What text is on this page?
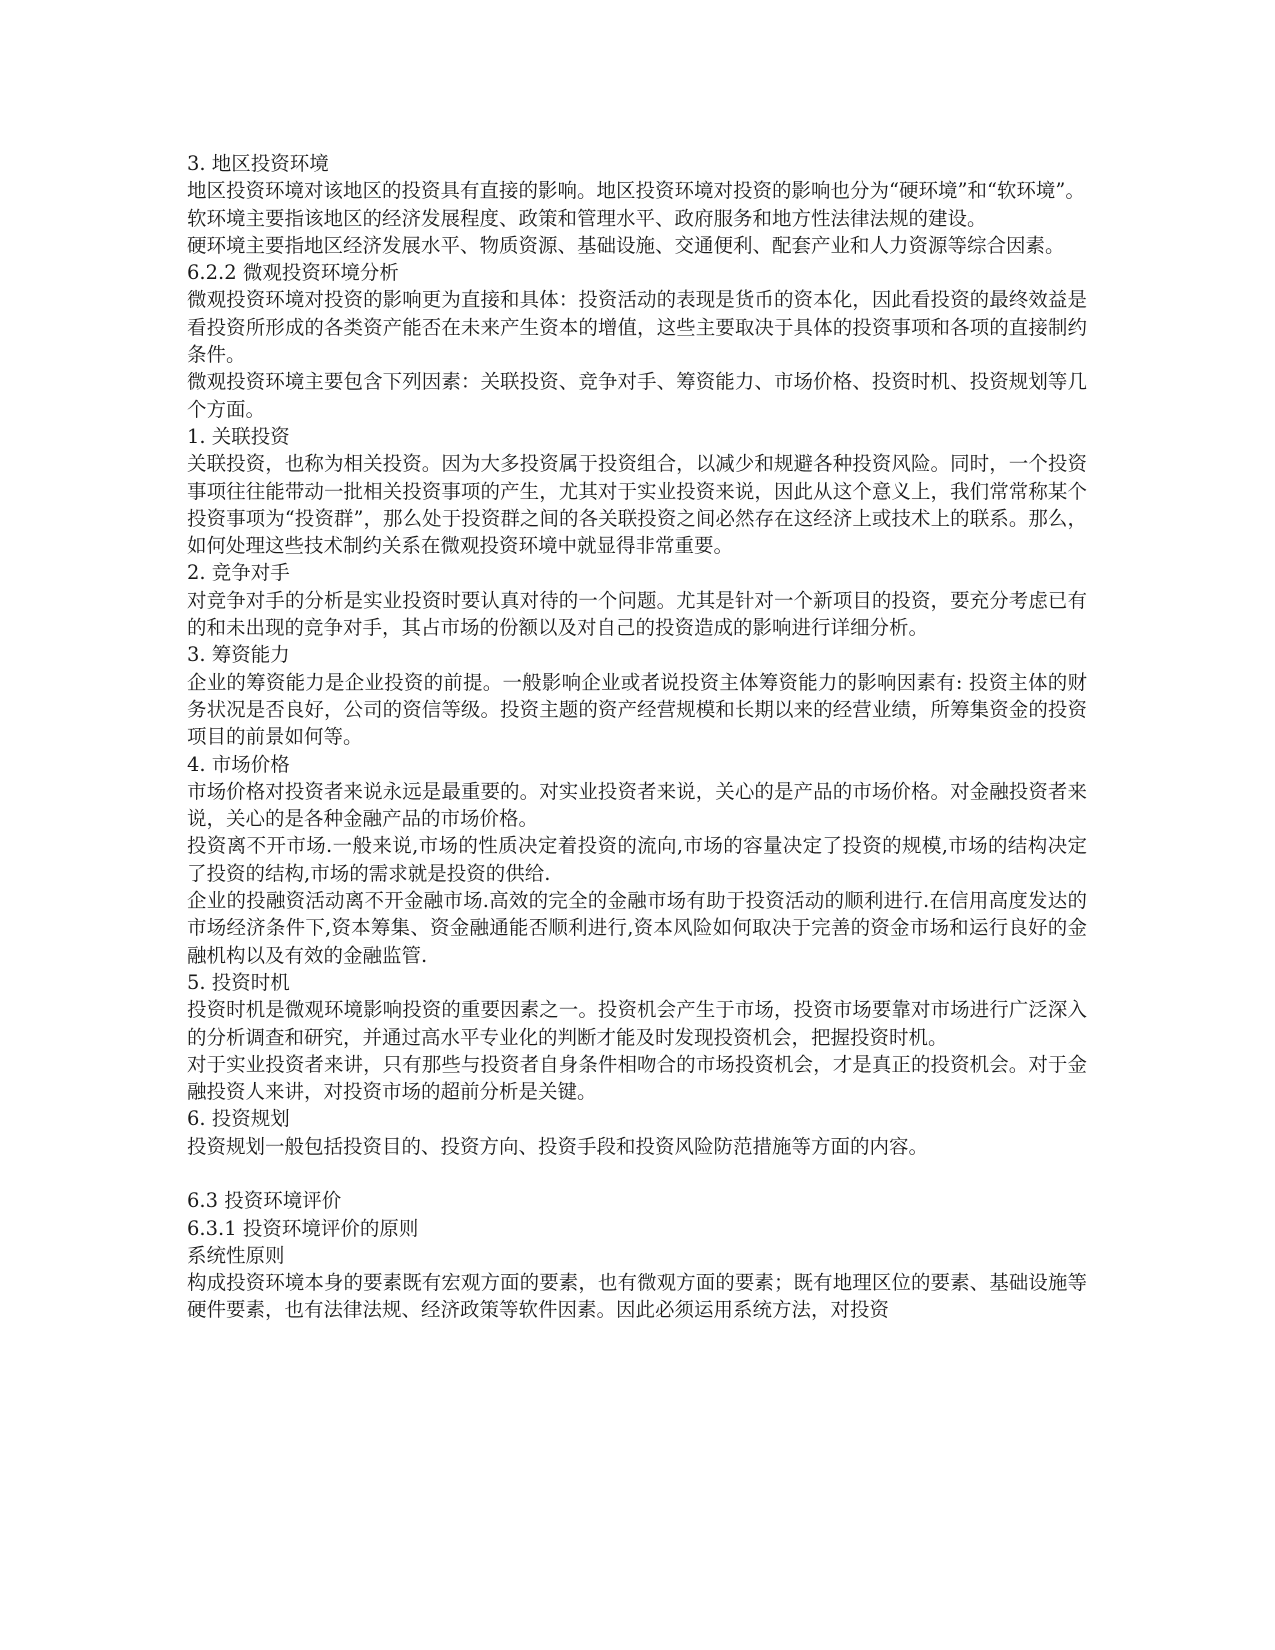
3. 地区投资环境

地区投资环境对该地区的投资具有直接的影响。地区投资环境对投资的影响也分为“硬环境”和“软环境”。

软环境主要指该地区的经济发展程度、政策和管理水平、政府服务和地方性法律法规的建设。

硬环境主要指地区经济发展水平、物质资源、基础设施、交通便利、配套产业和人力资源等综合因素。

6.2.2 微观投资环境分析

微观投资环境对投资的影响更为直接和具体：投资活动的表现是货币的资本化，因此看投资的最终效益是看投资所形成的各类资产能否在未来产生资本的增值，这些主要取决于具体的投资事项和各项的直接制约条件。

微观投资环境主要包含下列因素：关联投资、竞争对手、筹资能力、市场价格、投资时机、投资规划等几个方面。

1. 关联投资

关联投资，也称为相关投资。因为大多投资属于投资组合，以减少和规避各种投资风险。同时，一个投资事项往往能带动一批相关投资事项的产生，尤其对于实业投资来说，因此从这个意义上，我们常常称某个投资事项为“投资群”，那么处于投资群之间的各关联投资之间必然存在这经济上或技术上的联系。那么，如何处理这些技术制约关系在微观投资环境中就显得非常重要。

2. 竞争对手

对竞争对手的分析是实业投资时要认真对待的一个问题。尤其是针对一个新项目的投资，要充分考虑已有的和未出现的竞争对手，其占市场的份额以及对自己的投资造成的影响进行详细分析。

3. 筹资能力

企业的筹资能力是企业投资的前提。一般影响企业或者说投资主体筹资能力的影响因素有: 投资主体的财务状况是否良好，公司的资信等级。投资主题的资产经营规模和长期以来的经营业绩，所筹集资金的投资项目的前景如何等。

4. 市场价格

市场价格对投资者来说永远是最重要的。对实业投资者来说，关心的是产品的市场价格。对金融投资者来说，关心的是各种金融产品的市场价格。

投资离不开市场.一般来说,市场的性质决定着投资的流向,市场的容量决定了投资的规模,市场的结构决定了投资的结构,市场的需求就是投资的供给.

企业的投融资活动离不开金融市场.高效的完全的金融市场有助于投资活动的顺利进行.在信用高度发达的市场经济条件下,资本筹集、资金融通能否顺利进行,资本风险如何取决于完善的资金市场和运行良好的金融机构以及有效的金融监管.

5. 投资时机

投资时机是微观环境影响投资的重要因素之一。投资机会产生于市场，投资市场要靠对市场进行广泛深入的分析调查和研究，并通过高水平专业化的判断才能及时发现投资机会，把握投资时机。

对于实业投资者来讲，只有那些与投资者自身条件相吻合的市场投资机会，才是真正的投资机会。对于金融投资人来讲，对投资市场的超前分析是关键。

6. 投资规划

投资规划一般包括投资目的、投资方向、投资手段和投资风险防范措施等方面的内容。

6.3 投资环境评价
6.3.1 投资环境评价的原则
系统性原则

构成投资环境本身的要素既有宏观方面的要素，也有微观方面的要素；既有地理区位的要素、基础设施等硬件要素，也有法律法规、经济政策等软件因素。因此必须运用系统方法，对投资
